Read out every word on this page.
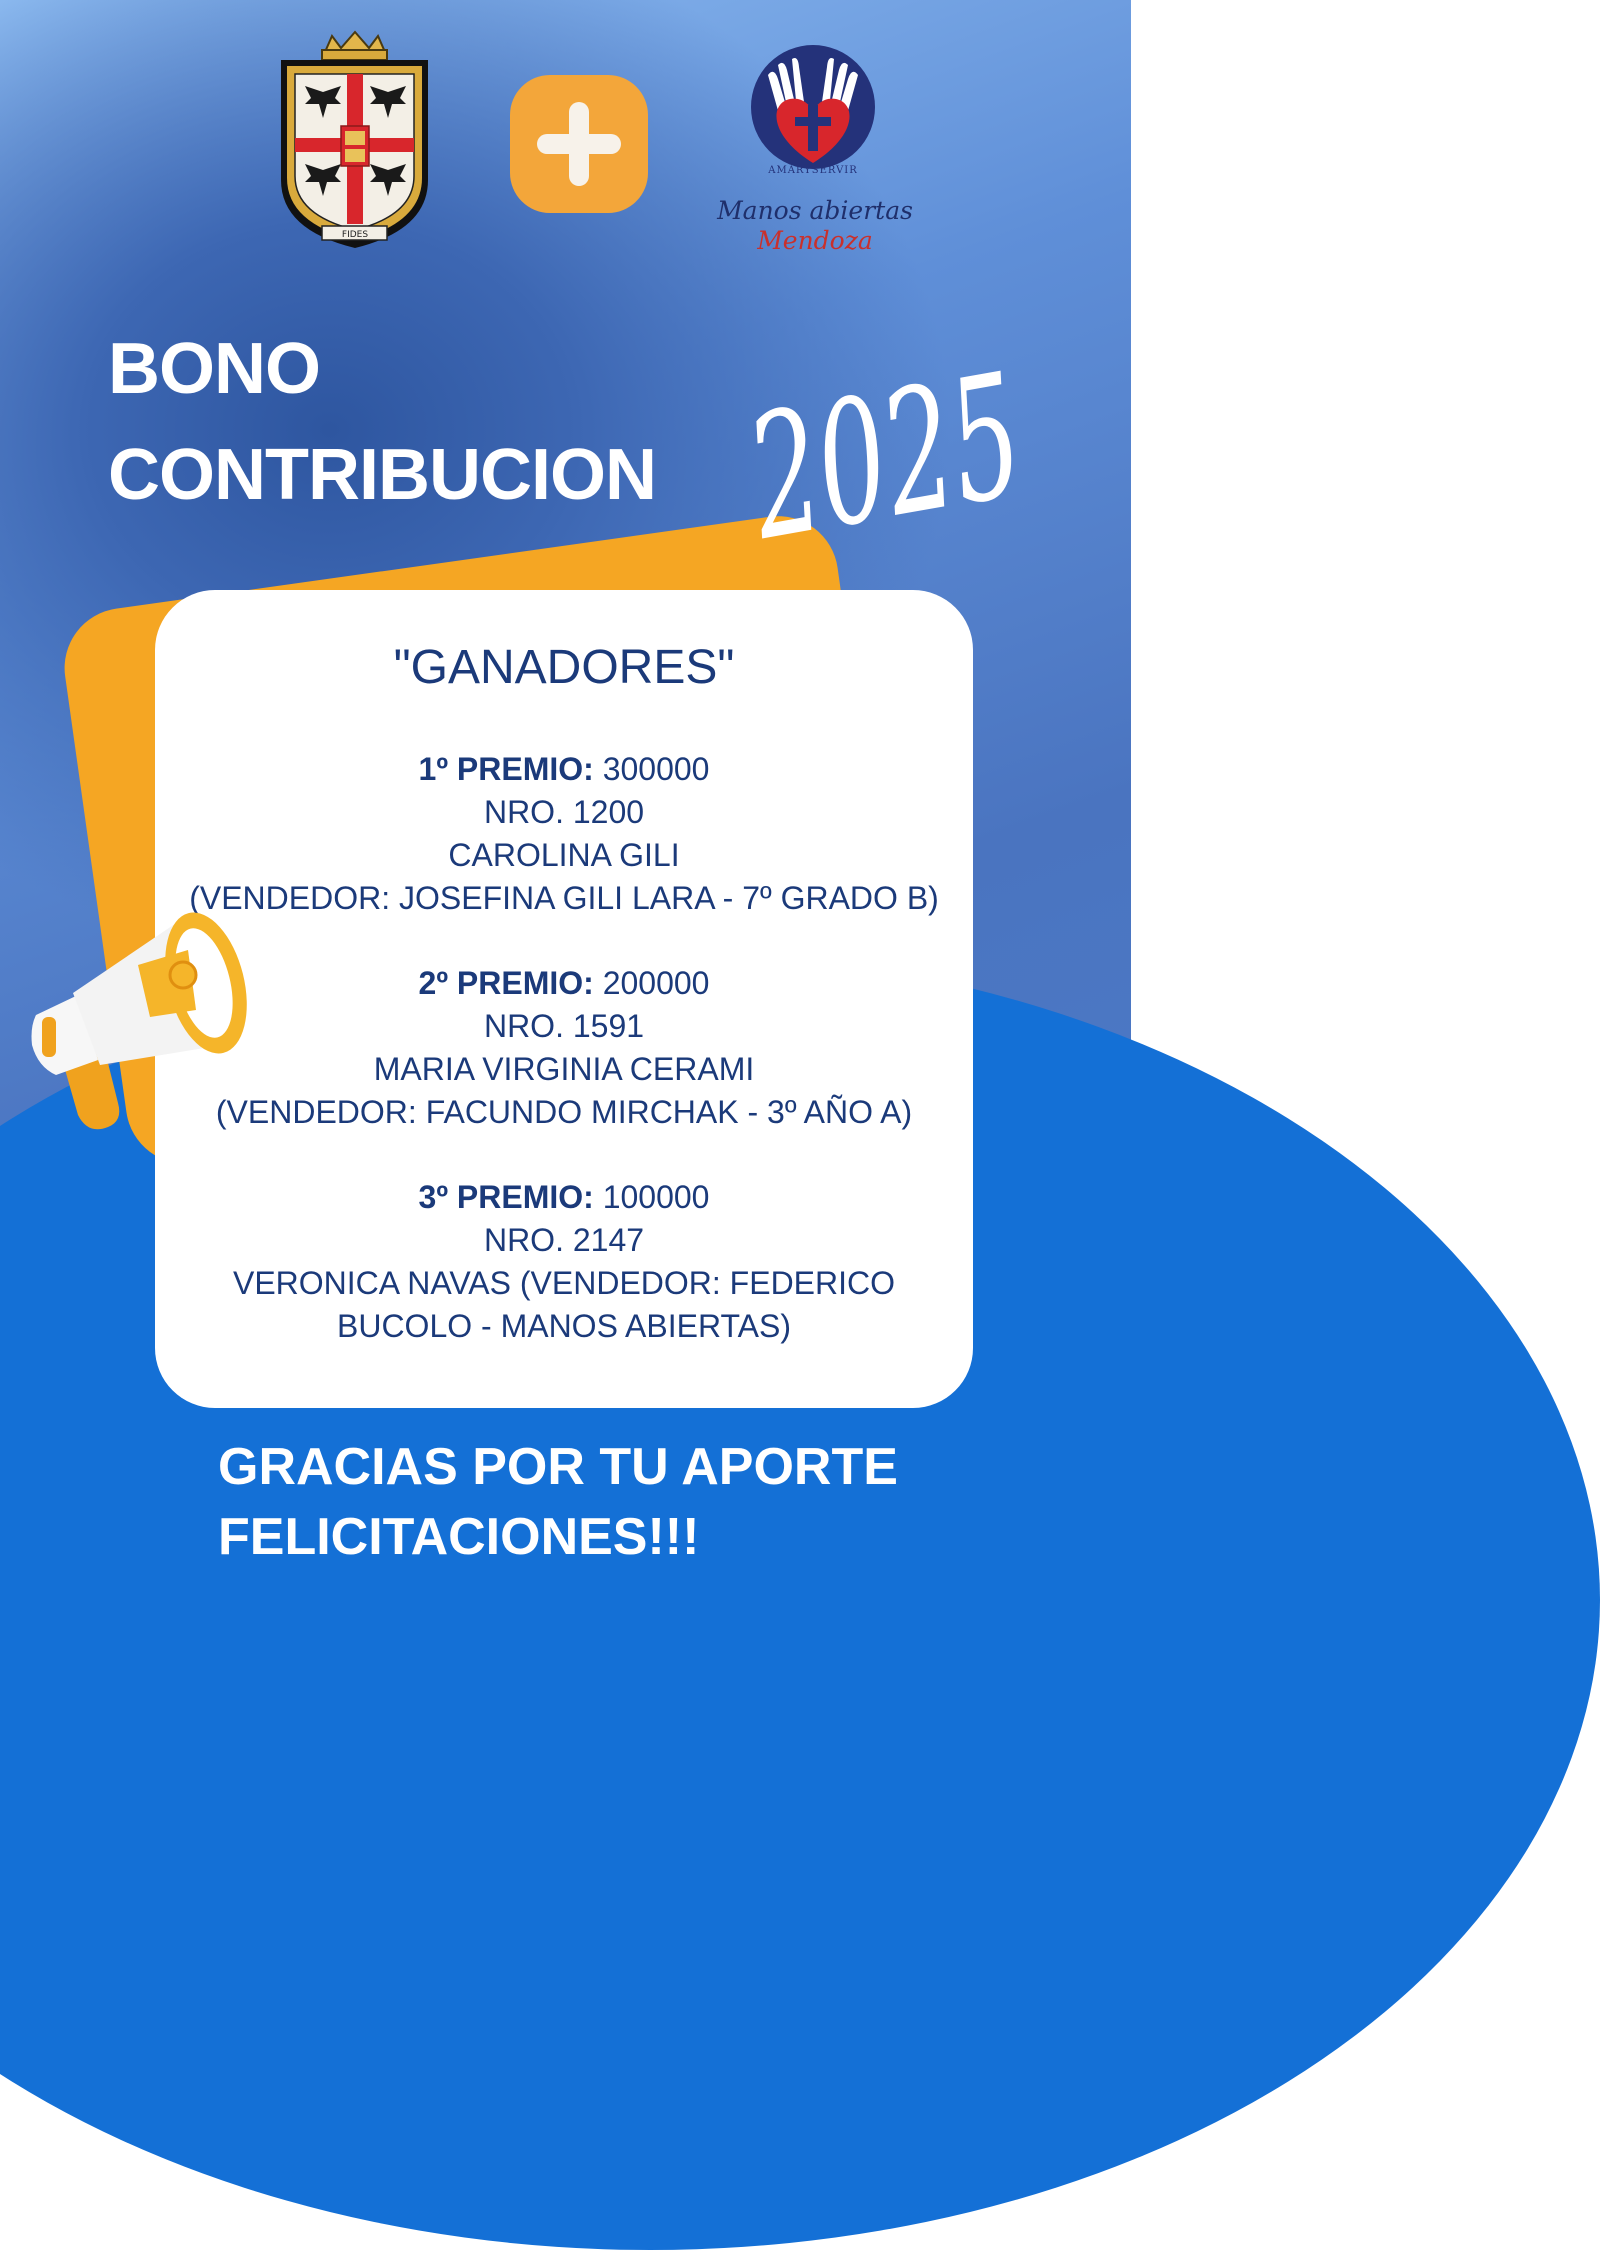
FIDES
AMARYSERVIR
Manos abiertas
Mendoza
BONO
CONTRIBUCION 2025
"GANADORES"
1º PREMIO: 300000
NRO. 1200
CAROLINA GILI
(VENDEDOR: JOSEFINA GILI LARA - 7º GRADO B)
2º PREMIO: 200000
NRO. 1591
MARIA VIRGINIA CERAMI
(VENDEDOR: FACUNDO MIRCHAK - 3º AÑO A)
3º PREMIO: 100000
NRO. 2147
VERONICA NAVAS (VENDEDOR: FEDERICO
BUCOLO - MANOS ABIERTAS)
GRACIAS POR TU APORTE
FELICITACIONES!!!
